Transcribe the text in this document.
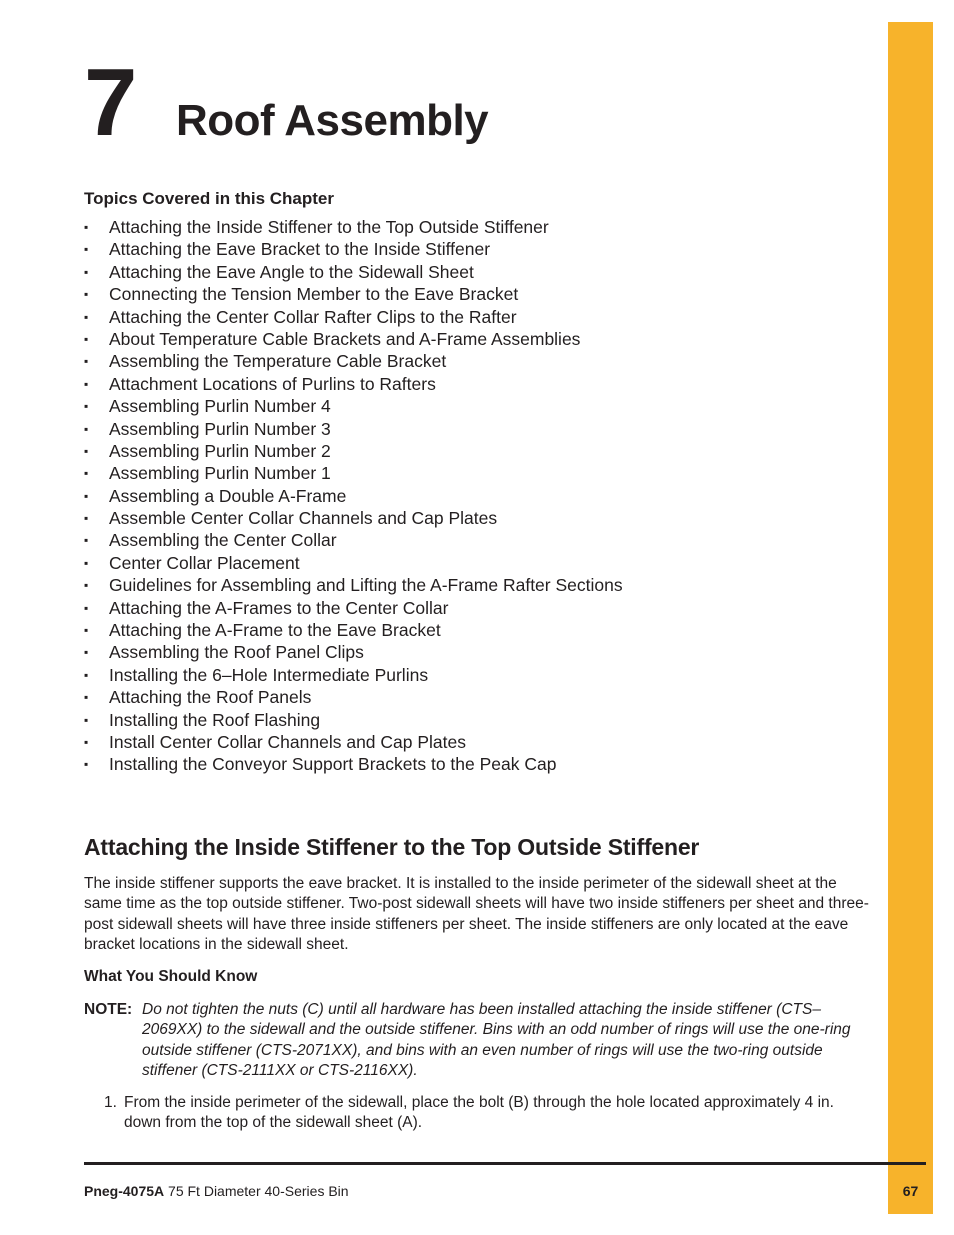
7 Roof Assembly
Topics Covered in this Chapter
▪ Attaching the Inside Stiffener to the Top Outside Stiffener
▪ Attaching the Eave Bracket to the Inside Stiffener
▪ Attaching the Eave Angle to the Sidewall Sheet
▪ Connecting the Tension Member to the Eave Bracket
▪ Attaching the Center Collar Rafter Clips to the Rafter
▪ About Temperature Cable Brackets and A-Frame Assemblies
▪ Assembling the Temperature Cable Bracket
▪ Attachment Locations of Purlins to Rafters
▪ Assembling Purlin Number 4
▪ Assembling Purlin Number 3
▪ Assembling Purlin Number 2
▪ Assembling Purlin Number 1
▪ Assembling a Double A-Frame
▪ Assemble Center Collar Channels and Cap Plates
▪ Assembling the Center Collar
▪ Center Collar Placement
▪ Guidelines for Assembling and Lifting the A-Frame Rafter Sections
▪ Attaching the A-Frames to the Center Collar
▪ Attaching the A-Frame to the Eave Bracket
▪ Assembling the Roof Panel Clips
▪ Installing the 6–Hole Intermediate Purlins
▪ Attaching the Roof Panels
▪ Installing the Roof Flashing
▪ Install Center Collar Channels and Cap Plates
▪ Installing the Conveyor Support Brackets to the Peak Cap
Attaching the Inside Stiffener to the Top Outside Stiffener
The inside stiffener supports the eave bracket. It is installed to the inside perimeter of the sidewall sheet at the same time as the top outside stiffener. Two-post sidewall sheets will have two inside stiffeners per sheet and three-post sidewall sheets will have three inside stiffeners per sheet. The inside stiffeners are only located at the eave bracket locations in the sidewall sheet.
What You Should Know
NOTE: Do not tighten the nuts (C) until all hardware has been installed attaching the inside stiffener (CTS–2069XX) to the sidewall and the outside stiffener. Bins with an odd number of rings will use the one-ring outside stiffener (CTS-2071XX), and bins with an even number of rings will use the two-ring outside stiffener (CTS-2111XX or CTS-2116XX).
1. From the inside perimeter of the sidewall, place the bolt (B) through the hole located approximately 4 in. down from the top of the sidewall sheet (A).
Pneg-4075A 75 Ft Diameter 40-Series Bin	67
